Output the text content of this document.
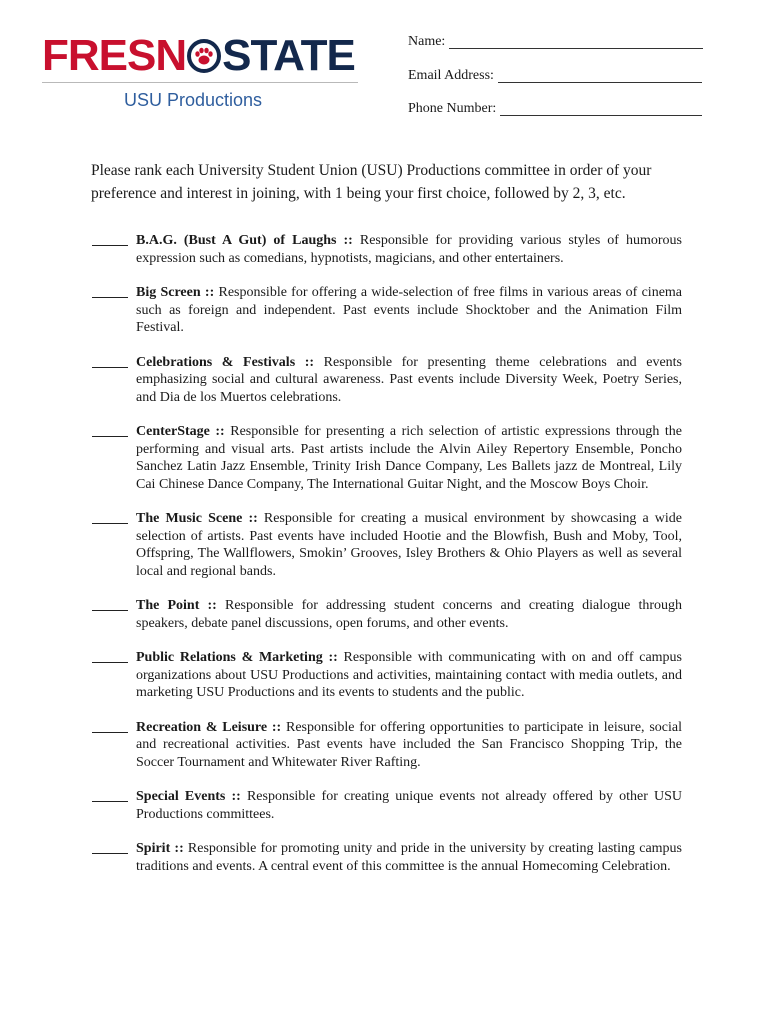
FRESN STATE
USU Productions
Name:
Email Address:
Phone Number:
Please rank each University Student Union (USU) Productions committee in order of your preference and interest in joining, with 1 being your first choice, followed by 2, 3, etc.
B.A.G. (Bust A Gut) of Laughs :: Responsible for providing various styles of humorous expression such as comedians, hypnotists, magicians, and other entertainers.
Big Screen :: Responsible for offering a wide-selection of free films in various areas of cinema such as foreign and independent. Past events include Shocktober and the Animation Film Festival.
Celebrations & Festivals :: Responsible for presenting theme celebrations and events emphasizing social and cultural awareness. Past events include Diversity Week, Poetry Series, and Dia de los Muertos celebrations.
CenterStage :: Responsible for presenting a rich selection of artistic expressions through the performing and visual arts. Past artists include the Alvin Ailey Repertory Ensemble, Poncho Sanchez Latin Jazz Ensemble, Trinity Irish Dance Company, Les Ballets jazz de Montreal, Lily Cai Chinese Dance Company, The International Guitar Night, and the Moscow Boys Choir.
The Music Scene :: Responsible for creating a musical environment by showcasing a wide selection of artists. Past events have included Hootie and the Blowfish, Bush and Moby, Tool, Offspring, The Wallflowers, Smokin’ Grooves, Isley Brothers & Ohio Players as well as several local and regional bands.
The Point :: Responsible for addressing student concerns and creating dialogue through speakers, debate panel discussions, open forums, and other events.
Public Relations & Marketing :: Responsible with communicating with on and off campus organizations about USU Productions and activities, maintaining contact with media outlets, and marketing USU Productions and its events to students and the public.
Recreation & Leisure :: Responsible for offering opportunities to participate in leisure, social and recreational activities. Past events have included the San Francisco Shopping Trip, the Soccer Tournament and Whitewater River Rafting.
Special Events :: Responsible for creating unique events not already offered by other USU Productions committees.
Spirit :: Responsible for promoting unity and pride in the university by creating lasting campus traditions and events. A central event of this committee is the annual Homecoming Celebration.
